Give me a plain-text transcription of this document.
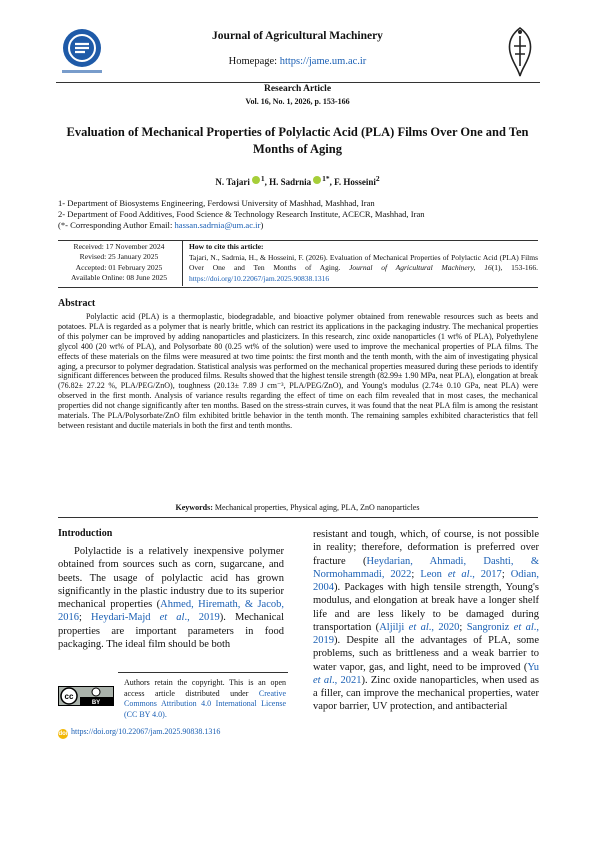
Journal of Agricultural Machinery
Homepage: https://jame.um.ac.ir
Research Article
Vol. 16, No. 1, 2026, p. 153-166
Evaluation of Mechanical Properties of Polylactic Acid (PLA) Films Over One and Ten Months of Aging
N. Tajari $^1$, H. Sadrnia $^{1*}$, F. Hosseini$^2$
1- Department of Biosystems Engineering, Ferdowsi University of Mashhad, Mashhad, Iran
2- Department of Food Additives, Food Science & Technology Research Institute, ACECR, Mashhad, Iran
(*- Corresponding Author Email: hassan.sadrnia@um.ac.ir)
Received: 17 November 2024
Revised: 25 January 2025
Accepted: 01 February 2025
Available Online: 08 June 2025
How to cite this article:
Tajari, N., Sadrnia, H., & Hosseini, F. (2026). Evaluation of Mechanical Properties of Polylactic Acid (PLA) Films Over One and Ten Months of Aging. Journal of Agricultural Machinery, 16(1), 153-166. https://doi.org/10.22067/jam.2025.90838.1316
Abstract
Polylactic acid (PLA) is a thermoplastic, biodegradable, and bioactive polymer obtained from renewable resources such as beets and potatoes. PLA is regarded as a polymer that is nearly brittle, which can restrict its applications in the packaging industry. The mechanical properties of this polymer can be improved by adding nanoparticles and plasticizers. In this research, zinc oxide nanoparticles (1 wt% of PLA), Polyethylene glycol 400 (20 wt% of PLA), and Polysorbate 80 (0.25 wt% of the solution) were used to improve the mechanical properties of PLA films. The effects of these materials on the films were measured at two time points: the first month and the tenth month, with the aim of investigating physical aging, a precursor to polymer degradation. Statistical analysis was performed on the mechanical properties measured during these periods to identify significant differences between the produced films. Results showed that the highest tensile strength (82.99± 1.90 MPa, neat PLA), elongation at break (76.82± 27.22 %, PLA/PEG/ZnO), toughness (20.13± 7.89 J cm⁻³, PLA/PEG/ZnO), and Young's modulus (2.74± 0.10 GPa, neat PLA) were observed in the first month. Analysis of variance results regarding the effect of time on each film revealed that in most cases, the mechanical properties did not change significantly after ten months. Based on the stress-strain curves, it was found that the neat PLA film is among the resistant materials. The PLA/Polysorbate/ZnO film exhibited brittle behavior in the tenth month. The remaining samples exhibited characteristics that fell between resistant and ductile materials in both the first and tenth months.
Keywords: Mechanical properties, Physical aging, PLA, ZnO nanoparticles
Introduction
Polylactide is a relatively inexpensive polymer obtained from sources such as corn, sugarcane, and beets. The usage of polylactic acid has grown significantly in the plastic industry due to its superior mechanical properties (Ahmed, Hiremath, & Jacob, 2016; Heydari-Majd et al., 2019). Mechanical properties are important parameters in food packaging. The ideal film should be both
resistant and tough, which, of course, is not possible in reality; therefore, deformation is preferred over fracture (Heydarian, Ahmadi, Dashti, & Normohammadi, 2022; Leon et al., 2017; Odian, 2004). Packages with high tensile strength, Young's modulus, and elongation at break have a longer shelf life and are less likely to be damaged during transportation (Aljilji et al., 2020; Sangroniz et al., 2019). Despite all the advantages of PLA, some problems, such as brittleness and a weak barrier to water vapor, gas, and light, need to be improved (Yu et al., 2021). Zinc oxide nanoparticles, when used as a filler, can improve the mechanical properties, water vapor barrier, UV protection, and antibacterial
cc
BY
Authors retain the copyright. This is an open access article distributed under Creative Commons Attribution 4.0 International License (CC BY 4.0).
doi https://doi.org/10.22067/jam.2025.90838.1316
